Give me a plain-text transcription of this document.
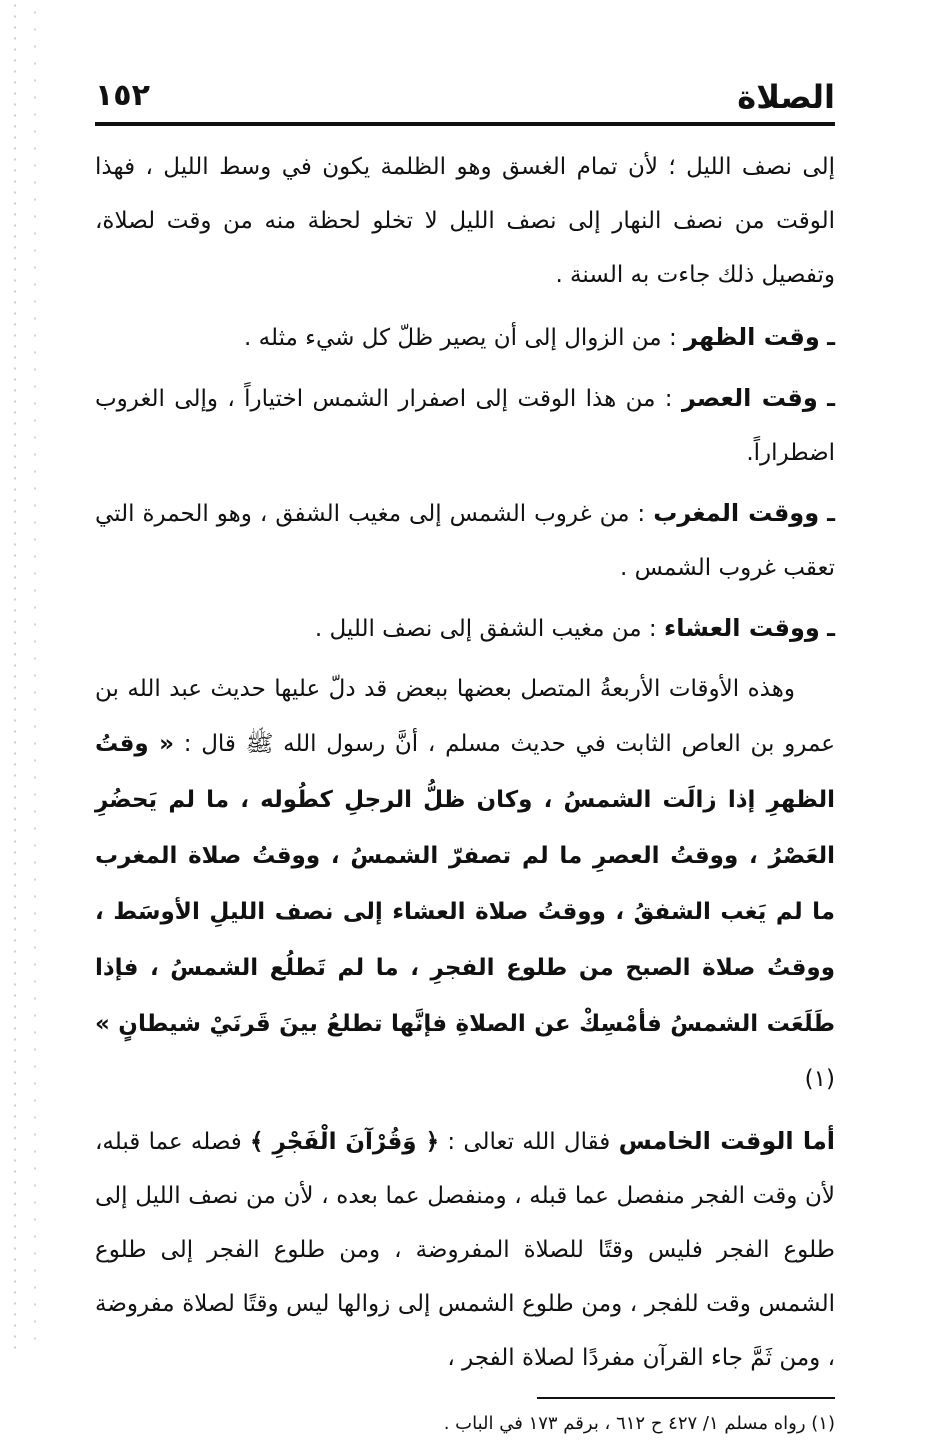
الصلاة
١٥٢

إلى نصف الليل ؛ لأن تمام الغسق وهو الظلمة يكون في وسط الليل ، فهذا الوقت من نصف النهار إلى نصف الليل لا تخلو لحظة منه من وقت لصلاة، وتفصيل ذلك جاءت به السنة .

ـ وقت الظهر : من الزوال إلى أن يصير ظلّ كل شيء مثله .

ـ وقت العصر : من هذا الوقت إلى اصفرار الشمس اختياراً ، وإلى الغروب اضطراراً.

ـ ووقت المغرب : من غروب الشمس إلى مغيب الشفق ، وهو الحمرة التي تعقب غروب الشمس .

ـ ووقت العشاء : من مغيب الشفق إلى نصف الليل .

وهذه الأوقات الأربعةُ المتصل بعضها ببعض قد دلّ عليها حديث عبد الله بن عمرو بن العاص الثابت في حديث مسلم ، أنَّ رسول الله ﷺ قال : « وقتُ الظهرِ إذا زالَت الشمسُ ، وكان ظلُّ الرجلِ كطُوله ، ما لم يَحضُرِ العَصْرُ ، ووقتُ العصرِ ما لم تصفرّ الشمسُ ، ووقتُ صلاة المغرب ما لم يَغب الشفقُ ، ووقتُ صلاة العشاء إلى نصف الليلِ الأوسَط ، ووقتُ صلاة الصبح من طلوع الفجرِ ، ما لم تَطلُع الشمسُ ، فإذا طَلَعَت الشمسُ فأمْسِكْ عن الصلاةِ فإنَّها تطلعُ بينَ قَرنَيْ شيطانٍ » (١)

أما الوقت الخامس فقال الله تعالى : ﴿ وَقُرْآنَ الْفَجْرِ ﴾ فصله عما قبله، لأن وقت الفجر منفصل عما قبله ، ومنفصل عما بعده ، لأن من نصف الليل إلى طلوع الفجر فليس وقتًا للصلاة المفروضة ، ومن طلوع الفجر إلى طلوع الشمس وقت للفجر ، ومن طلوع الشمس إلى زوالها ليس وقتًا لصلاة مفروضة ، ومن ثَمَّ جاء القرآن مفردًا لصلاة الفجر ،

(١) رواه مسلم ١/ ٤٢٧ ح ٦١٢ ، برقم ١٧٣ في الباب .
